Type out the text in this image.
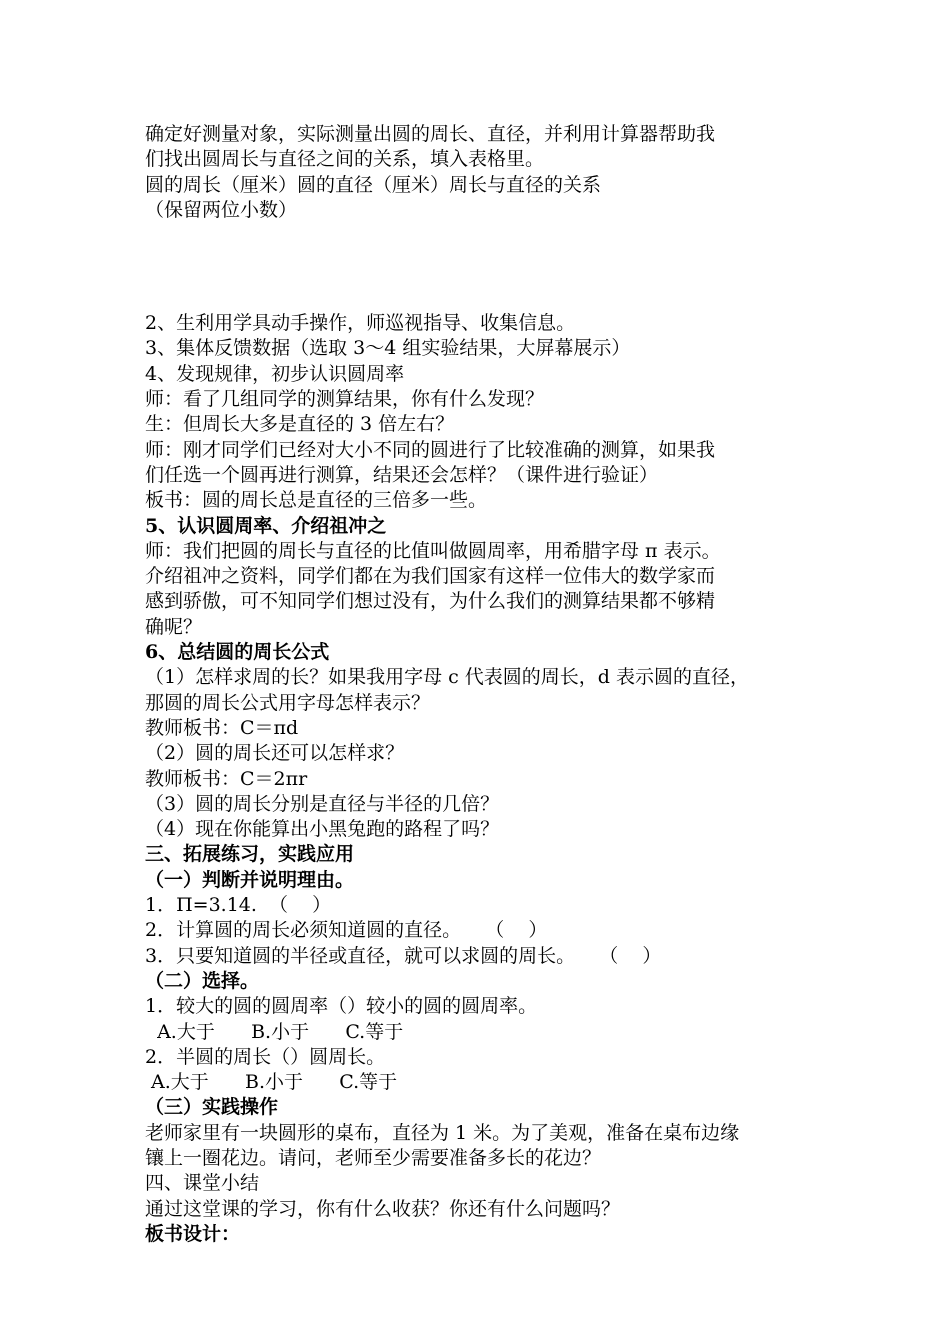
确定好测量对象，实际测量出圆的周长、直径，并利用计算器帮助我

们找出圆周长与直径之间的关系，填入表格里。

圆的周长（厘米）圆的直径（厘米）周长与直径的关系

（保留两位小数）

2、生利用学具动手操作，师巡视指导、收集信息。

3、集体反馈数据（选取 3～4 组实验结果，大屏幕展示）

4、发现规律，初步认识圆周率

师：看了几组同学的测算结果，你有什么发现？

生：但周长大多是直径的 3 倍左右？

师：刚才同学们已经对大小不同的圆进行了比较准确的测算，如果我

们任选一个圆再进行测算，结果还会怎样？（课件进行验证）

板书：圆的周长总是直径的三倍多一些。

5、认识圆周率、介绍祖冲之

师：我们把圆的周长与直径的比值叫做圆周率，用希腊字母 π 表示。

介绍祖冲之资料，同学们都在为我们国家有这样一位伟大的数学家而

感到骄傲，可不知同学们想过没有，为什么我们的测算结果都不够精

确呢？

6、总结圆的周长公式

（1）怎样求周的长？如果我用字母 c 代表圆的周长，d 表示圆的直径，

那圆的周长公式用字母怎样表示？

教师板书：C＝πd

（2）圆的周长还可以怎样求？

教师板书：C＝2πr

（3）圆的周长分别是直径与半径的几倍？

（4）现在你能算出小黑兔跑的路程了吗？

三、拓展练习，实践应用

（一）判断并说明理由。

1．Π=3.14.  （    ）

2．计算圆的周长必须知道圆的直径。    （    ）

3．只要知道圆的半径或直径，就可以求圆的周长。    （    ）

（二）选择。

1．较大的圆的圆周率（）较小的圆的圆周率。

A.大于      B.小于      C.等于

2．半圆的周长（）圆周长。

A.大于      B.小于      C.等于

（三）实践操作

老师家里有一块圆形的桌布，直径为 1 米。为了美观，准备在桌布边缘

镶上一圈花边。请问，老师至少需要准备多长的花边？

四、课堂小结

通过这堂课的学习，你有什么收获？你还有什么问题吗？

板书设计：
